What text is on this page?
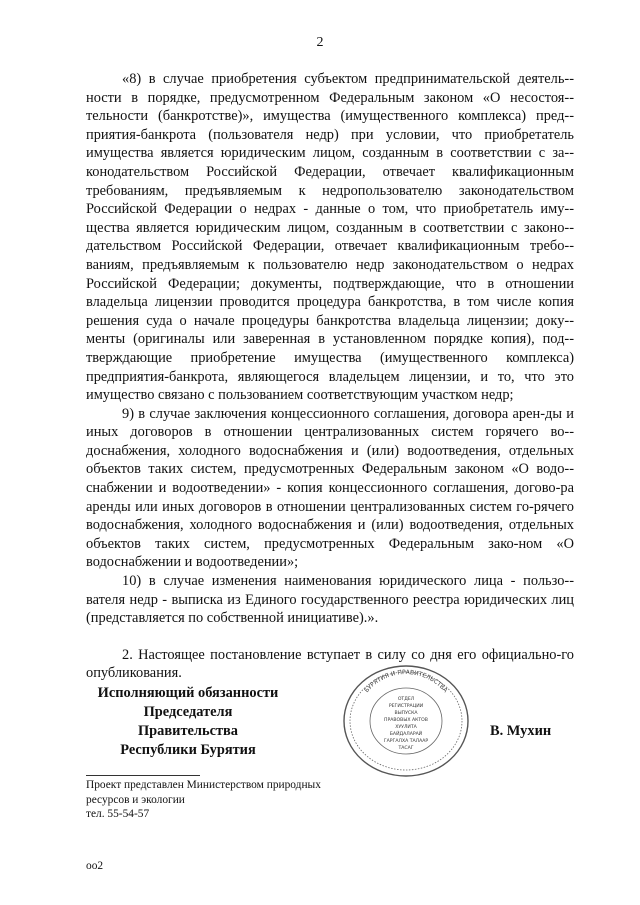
2

«8) в случае приобретения субъектом предпринимательской деятель-ности в порядке, предусмотренном Федеральным законом «О несостоя-тельности (банкротстве)», имущества (имущественного комплекса) пред-приятия-банкрота (пользователя недр) при условии, что приобретатель имущества является юридическим лицом, созданным в соответствии с за-конодательством Российской Федерации, отвечает квалификационным требованиям, предъявляемым к недропользователю законодательством Российской Федерации о недрах - данные о том, что приобретатель иму-щества является юридическим лицом, созданным в соответствии с законо-дательством Российской Федерации, отвечает квалификационным требо-ваниям, предъявляемым к пользователю недр законодательством о недрах Российской Федерации; документы, подтверждающие, что в отношении владельца лицензии проводится процедура банкротства, в том числе копия решения суда о начале процедуры банкротства владельца лицензии; доку-менты (оригиналы или заверенная в установленном порядке копия), под-тверждающие приобретение имущества (имущественного комплекса) предприятия-банкрота, являющегося владельцем лицензии, и то, что это имущество связано с пользованием соответствующим участком недр;

9) в случае заключения концессионного соглашения, договора арен-ды и иных договоров в отношении централизованных систем горячего во-доснабжения, холодного водоснабжения и (или) водоотведения, отдельных объектов таких систем, предусмотренных Федеральным законом «О водо-снабжении и водоотведении» - копия концессионного соглашения, догово-ра аренды или иных договоров в отношении централизованных систем го-рячего водоснабжения, холодного водоснабжения и (или) водоотведения, отдельных объектов таких систем, предусмотренных Федеральным зако-ном «О водоснабжении и водоотведении»;

10) в случае изменения наименования юридического лица - пользо-вателя недр - выписка из Единого государственного реестра юридических лиц (представляется по собственной инициативе).».

2. Настоящее постановление вступает в силу со дня его официально-го опубликования.

Исполняющий обязанности
Председателя Правительства
Республики Бурятия
БУРЯТИЯ И ПРАВИТЕЛЬСТВА
ОТДЕЛ
РЕГИСТРАЦИИ
ВЫПУСКА
ПРАВОВЫХ АКТОВ
ХУУЛИТА
БАЙДАЛАРАЙ
ГАРГАЛХА ТАЛААР
ТАСАГ
В. Мухин
Проект представлен Министерством природных
ресурсов и экологии
тел. 55-54-57
оо2
